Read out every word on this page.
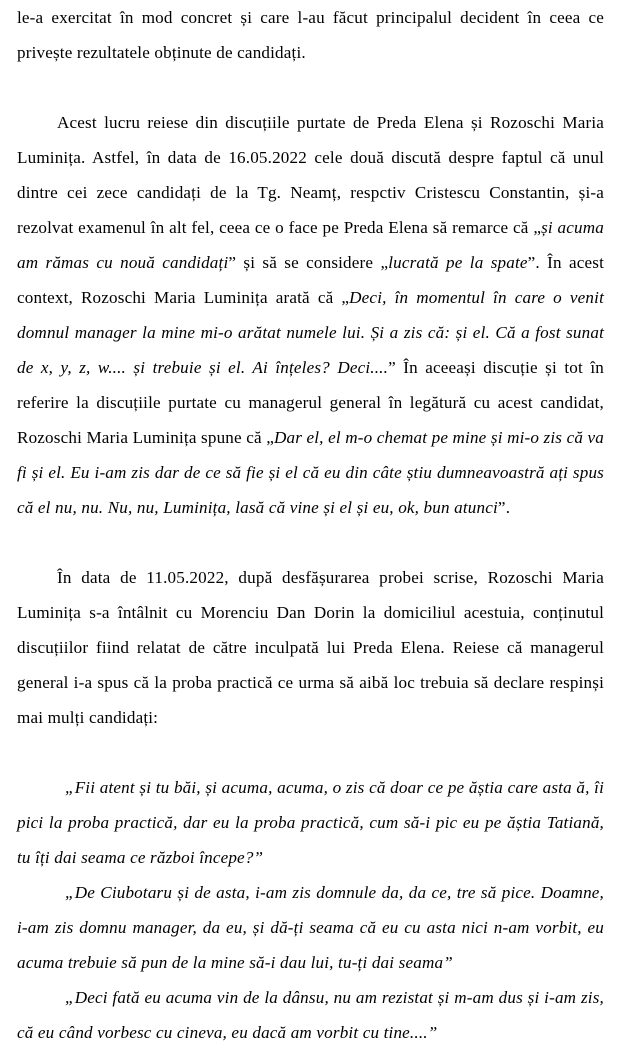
le-a exercitat în mod concret și care l-au făcut principalul decident în ceea ce privește rezultatele obținute de candidați.

Acest lucru reiese din discuțiile purtate de Preda Elena și Rozoschi Maria Luminița. Astfel, în data de 16.05.2022 cele două discută despre faptul că unul dintre cei zece candidați de la Tg. Neamț, respctiv Cristescu Constantin, și-a rezolvat examenul în alt fel, ceea ce o face pe Preda Elena să remarce că „și acuma am rămas cu nouă candidați” și să se considere „lucrată pe la spate”. În acest context, Rozoschi Maria Luminița arată că „Deci, în momentul în care o venit domnul manager la mine mi-o arătat numele lui. Și a zis că: și el. Că a fost sunat de x, y, z, w.... și trebuie și el. Ai înțeles? Deci....” În aceeași discuție și tot în referire la discuțiile purtate cu managerul general în legătură cu acest candidat, Rozoschi Maria Luminița spune că „Dar el, el m-o chemat pe mine și mi-o zis că va fi și el. Eu i-am zis dar de ce să fie și el că eu din câte știu dumneavoastră ați spus că el nu, nu. Nu, nu, Luminița, lasă că vine și el și eu, ok, bun atunci”.

În data de 11.05.2022, după desfășurarea probei scrise, Rozoschi Maria Luminița s-a întâlnit cu Morenciu Dan Dorin la domiciliul acestuia, conținutul discuțiilor fiind relatat de către inculpată lui Preda Elena. Reiese că managerul general i-a spus că la proba practică ce urma să aibă loc trebuia să declare respinși mai mulți candidați:

„Fii atent și tu băi, și acuma, acuma, o zis că doar ce pe ăștia care asta ă, îi pici la proba practică, dar eu la proba practică, cum să-i pic eu pe ăștia Tatiană, tu îți dai seama ce război începe?”

„De Ciubotaru și de asta, i-am zis domnule da, da ce, tre să pice. Doamne, i-am zis domnu manager, da eu, și dă-ți seama că eu cu asta nici n-am vorbit, eu acuma trebuie să pun de la mine să-i dau lui, tu-ți dai seama”

„Deci fată eu acuma vin de la dânsu, nu am rezistat și m-am dus și i-am zis, că eu când vorbesc cu cineva, eu dacă am vorbit cu tine....”
